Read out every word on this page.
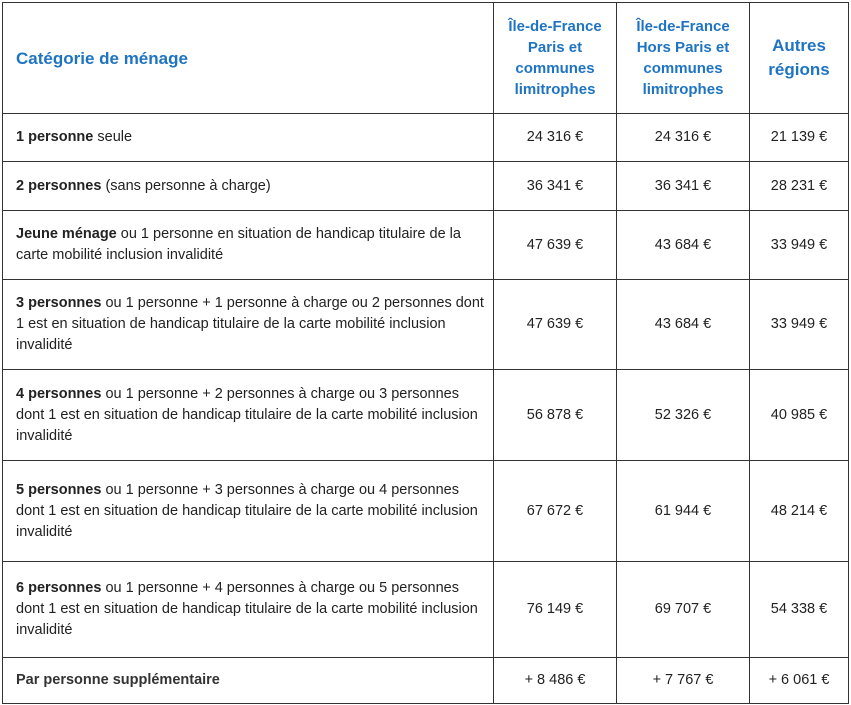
Catégorie de ménage	Île-de-France Paris et communes limitrophes	Île-de-France Hors Paris et communes limitrophes	Autres régions
1 personne seule	24 316 €	24 316 €	21 139 €
2 personnes (sans personne à charge)	36 341 €	36 341 €	28 231 €
Jeune ménage ou 1 personne en situation de handicap titulaire de la carte mobilité inclusion invalidité	47 639 €	43 684 €	33 949 €
3 personnes ou 1 personne + 1 personne à charge ou 2 personnes dont 1 est en situation de handicap titulaire de la carte mobilité inclusion invalidité	47 639 €	43 684 €	33 949 €
4 personnes ou 1 personne + 2 personnes à charge ou 3 personnes dont 1 est en situation de handicap titulaire de la carte mobilité inclusion invalidité	56 878 €	52 326 €	40 985 €
5 personnes ou 1 personne + 3 personnes à charge ou 4 personnes dont 1 est en situation de handicap titulaire de la carte mobilité inclusion invalidité	67 672 €	61 944 €	48 214 €
6 personnes ou 1 personne + 4 personnes à charge ou 5 personnes dont 1 est en situation de handicap titulaire de la carte mobilité inclusion invalidité	76 149 €	69 707 €	54 338 €
Par personne supplémentaire	+ 8 486 €	+ 7 767 €	+ 6 061 €
